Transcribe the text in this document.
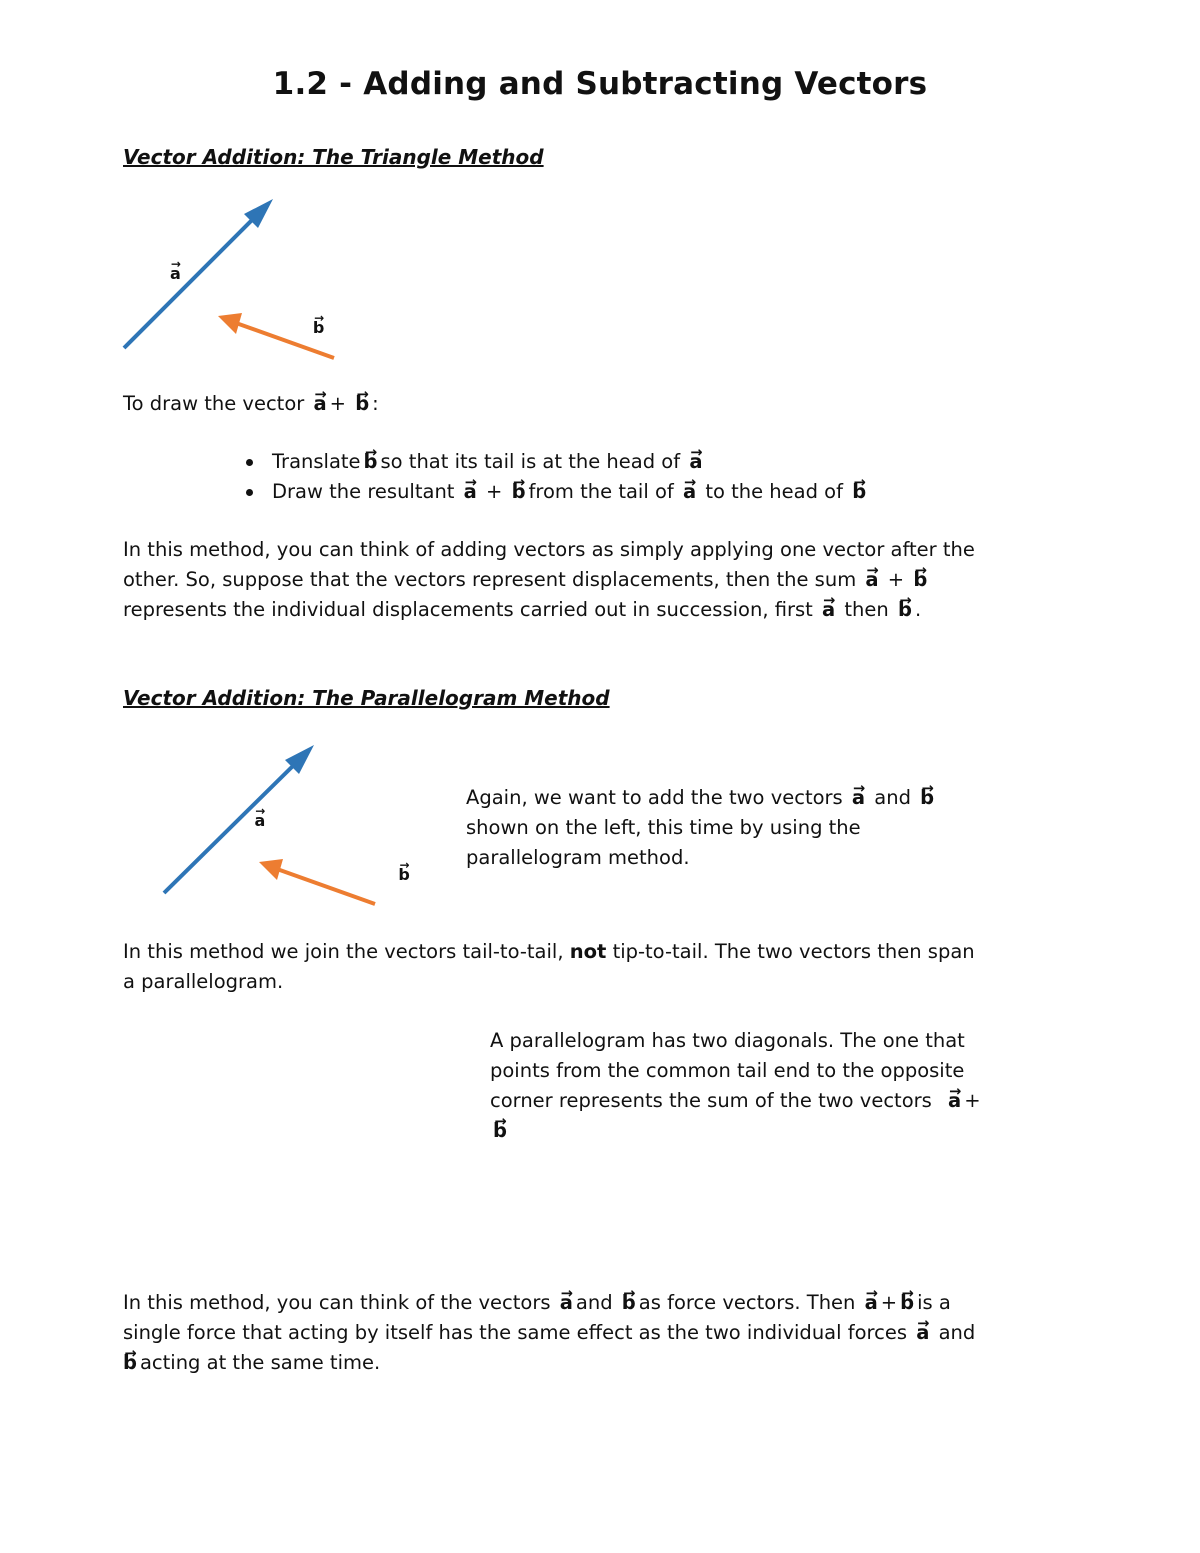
1.2 - Adding and Subtracting Vectors
Vector Addition: The Triangle Method
→ a → b
To draw the vector → a + → b :
Translate → b so that its tail is at the head of → a
Draw the resultant → a + → b from the tail of → a to the head of → b
In this method, you can think of adding vectors as simply applying one vector after the
other. So, suppose that the vectors represent displacements, then the sum → a + → b
represents the individual displacements carried out in succession, first → a then → b .
Vector Addition: The Parallelogram Method
→ a → b
Again, we want to add the two vectors → a and → b
shown on the left, this time by using the
parallelogram method.
In this method we join the vectors tail-to-tail, not tip-to-tail. The two vectors then span
a parallelogram.
A parallelogram has two diagonals. The one that
points from the common tail end to the opposite
corner represents the sum of the two vectors → a +
→ b
In this method, you can think of the vectors → a and → b as force vectors. Then → a + → b is a
single force that acting by itself has the same effect as the two individual forces → a and
→ b acting at the same time.
